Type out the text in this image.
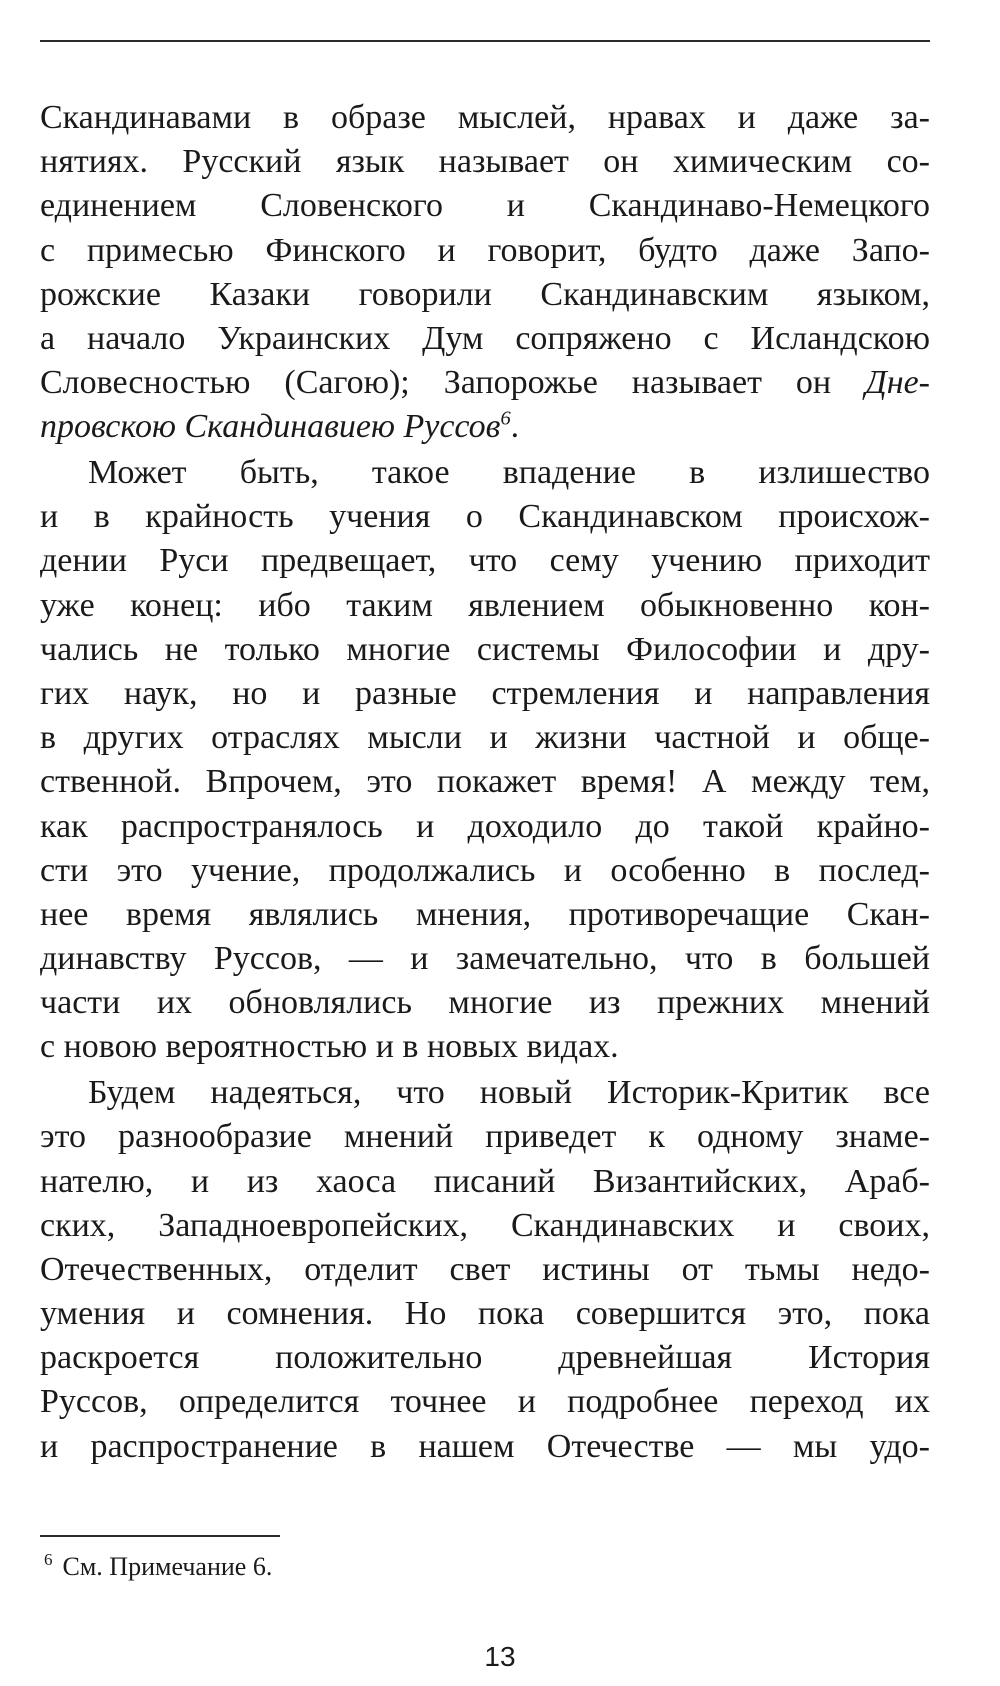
Скандинавами в образе мыслей, нравах и даже за-
нятиях. Русский язык называет он химическим со-
единением Словенского и Скандинаво-Немецкого
с примесью Финского и говорит, будто даже Запо-
рожские Казаки говорили Скандинавским языком,
а начало Украинских Дум сопряжено с Исландскою
Словесностью (Сагою); Запорожье называет он Дне-
провскою Скандинавиею Руссов$^6$.
Может быть, такое впадение в излишество
и в крайность учения о Скандинавском происхож-
дении Руси предвещает, что сему учению приходит
уже конец: ибо таким явлением обыкновенно кон-
чались не только многие системы Философии и дру-
гих наук, но и разные стремления и направления
в других отраслях мысли и жизни частной и обще-
ственной. Впрочем, это покажет время! А между тем,
как распространялось и доходило до такой крайно-
сти это учение, продолжались и особенно в послед-
нее время являлись мнения, противоречащие Скан-
динавству Руссов, — и замечательно, что в большей
части их обновлялись многие из прежних мнений
с новою вероятностью и в новых видах.
Будем надеяться, что новый Историк-Критик все
это разнообразие мнений приведет к одному знаме-
нателю, и из хаоса писаний Византийских, Араб-
ских, Западноевропейских, Скандинавских и своих,
Отечественных, отделит свет истины от тьмы недо-
умения и сомнения. Но пока совершится это, пока
раскроется положительно древнейшая История
Руссов, определится точнее и подробнее переход их
и распространение в нашем Отечестве — мы удо-
$^6$ См. Примечание 6.
13
